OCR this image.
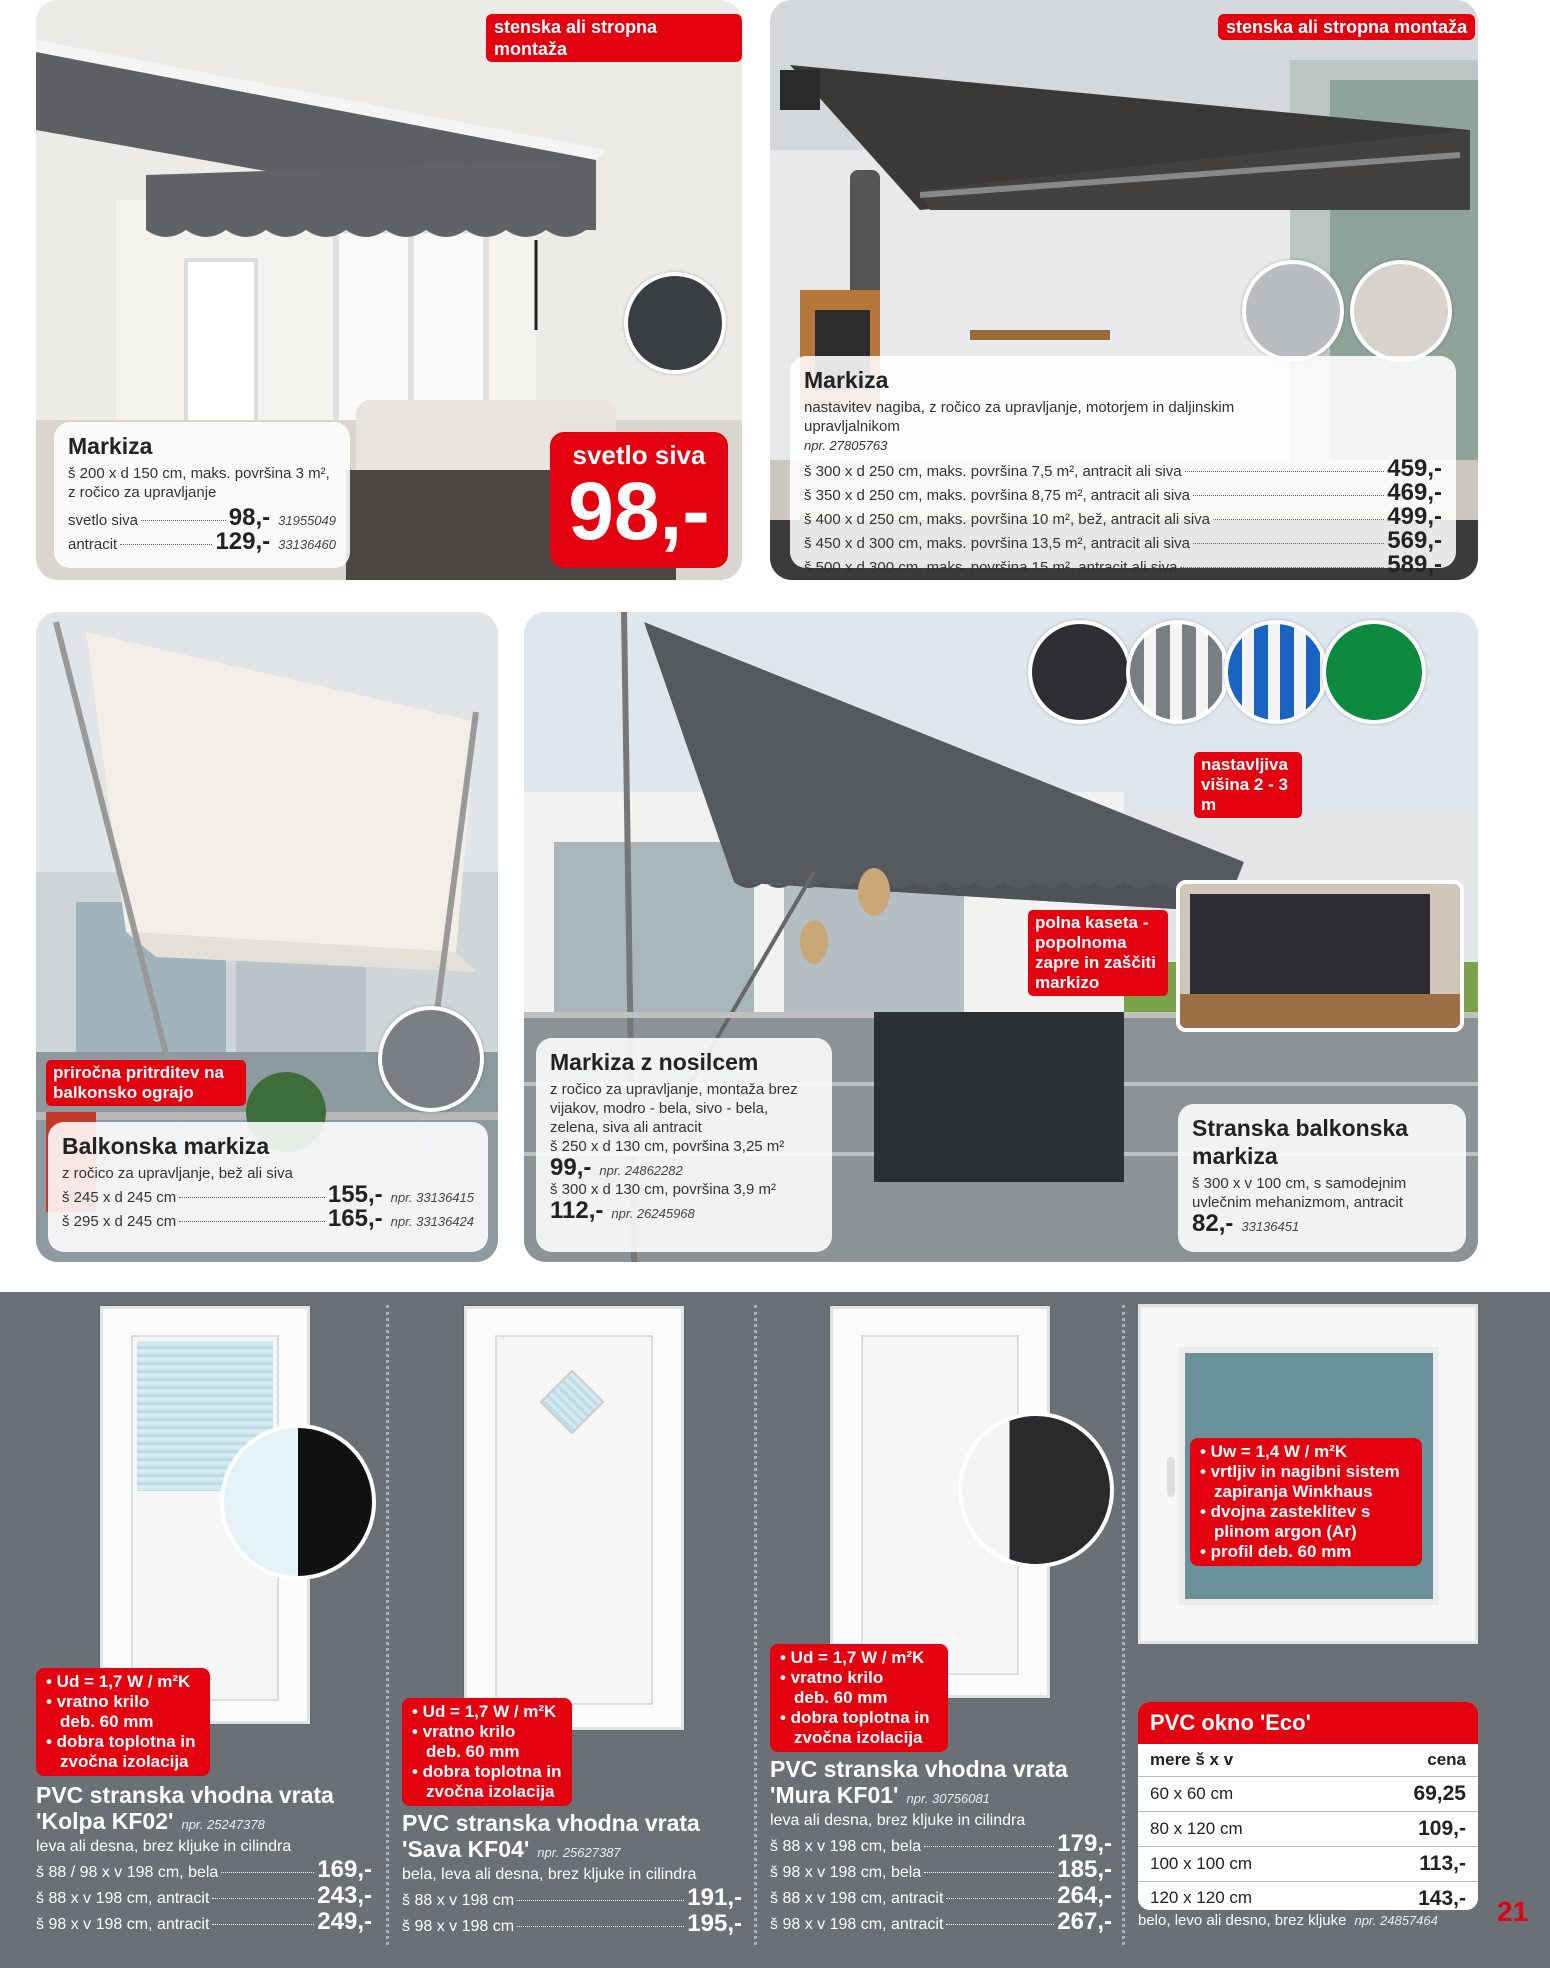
stenska ali stropna montaža
Markiza
š 200 x d 150 cm, maks. površina 3 m², z ročico za upravljanje
svetlo siva	98,- 31955049
antracit	129,- 33136460
svetlo siva
98,-
stenska ali stropna montaža
Markiza
nastavitev nagiba, z ročico za upravljanje, motorjem in daljinskim upravljalnikom
npr. 27805763
š 300 x d 250 cm, maks. površina 7,5 m², antracit ali siva	459,-
š 350 x d 250 cm, maks. površina 8,75 m², antracit ali siva	469,-
š 400 x d 250 cm, maks. površina 10 m², bež, antracit ali siva	499,-
š 450 x d 300 cm, maks. površina 13,5 m², antracit ali siva	569,-
š 500 x d 300 cm, maks. površina 15 m², antracit ali siva	589,-
priročna pritrditev na balkonsko ograjo
Balkonska markiza
z ročico za upravljanje, bež ali siva
š 245 x d 245 cm	155,- npr. 33136415
š 295 x d 245 cm	165,- npr. 33136424
nastavljiva višina 2 - 3 m
polna kaseta - popolnoma zapre in zaščiti markizo
Markiza z nosilcem
z ročico za upravljanje, montaža brez vijakov, modro - bela, sivo - bela, zelena, siva ali antracit
š 250 x d 130 cm, površina 3,25 m²
99,- npr. 24862282
š 300 x d 130 cm, površina 3,9 m²
112,- npr. 26245968
Stranska balkonska markiza
š 300 x v 100 cm, s samodejnim uvlečnim mehanizmom, antracit
82,- 33136451
• Ud = 1,7 W / m²K
• vratno krilo
deb. 60 mm
• dobra toplotna in
zvočna izolacija
PVC stranska vhodna vrata
'Kolpa KF02' npr. 25247378
leva ali desna, brez kljuke in cilindra
š 88 / 98 x v 198 cm, bela	169,-
š 88 x v 198 cm, antracit	243,-
š 98 x v 198 cm, antracit	249,-
• Ud = 1,7 W / m²K
• vratno krilo
deb. 60 mm
• dobra toplotna in
zvočna izolacija
PVC stranska vhodna vrata
'Sava KF04' npr. 25627387
bela, leva ali desna, brez kljuke in cilindra
š 88 x v 198 cm	191,-
š 98 x v 198 cm	195,-
• Ud = 1,7 W / m²K
• vratno krilo
deb. 60 mm
• dobra toplotna in
zvočna izolacija
PVC stranska vhodna vrata
'Mura KF01' npr. 30756081
leva ali desna, brez kljuke in cilindra
š 88 x v 198 cm, bela	179,-
š 98 x v 198 cm, bela	185,-
š 88 x v 198 cm, antracit	264,-
š 98 x v 198 cm, antracit	267,-
• Uw = 1,4 W / m²K
• vrtljiv in nagibni sistem
zapiranja Winkhaus
• dvojna zasteklitev s
plinom argon (Ar)
• profil deb. 60 mm
PVC okno 'Eco'
mere š x v	cena
60 x 60 cm	69,25
80 x 120 cm	109,-
100 x 100 cm	113,-
120 x 120 cm	143,-
belo, levo ali desno, brez kljuke npr. 24857464	21
